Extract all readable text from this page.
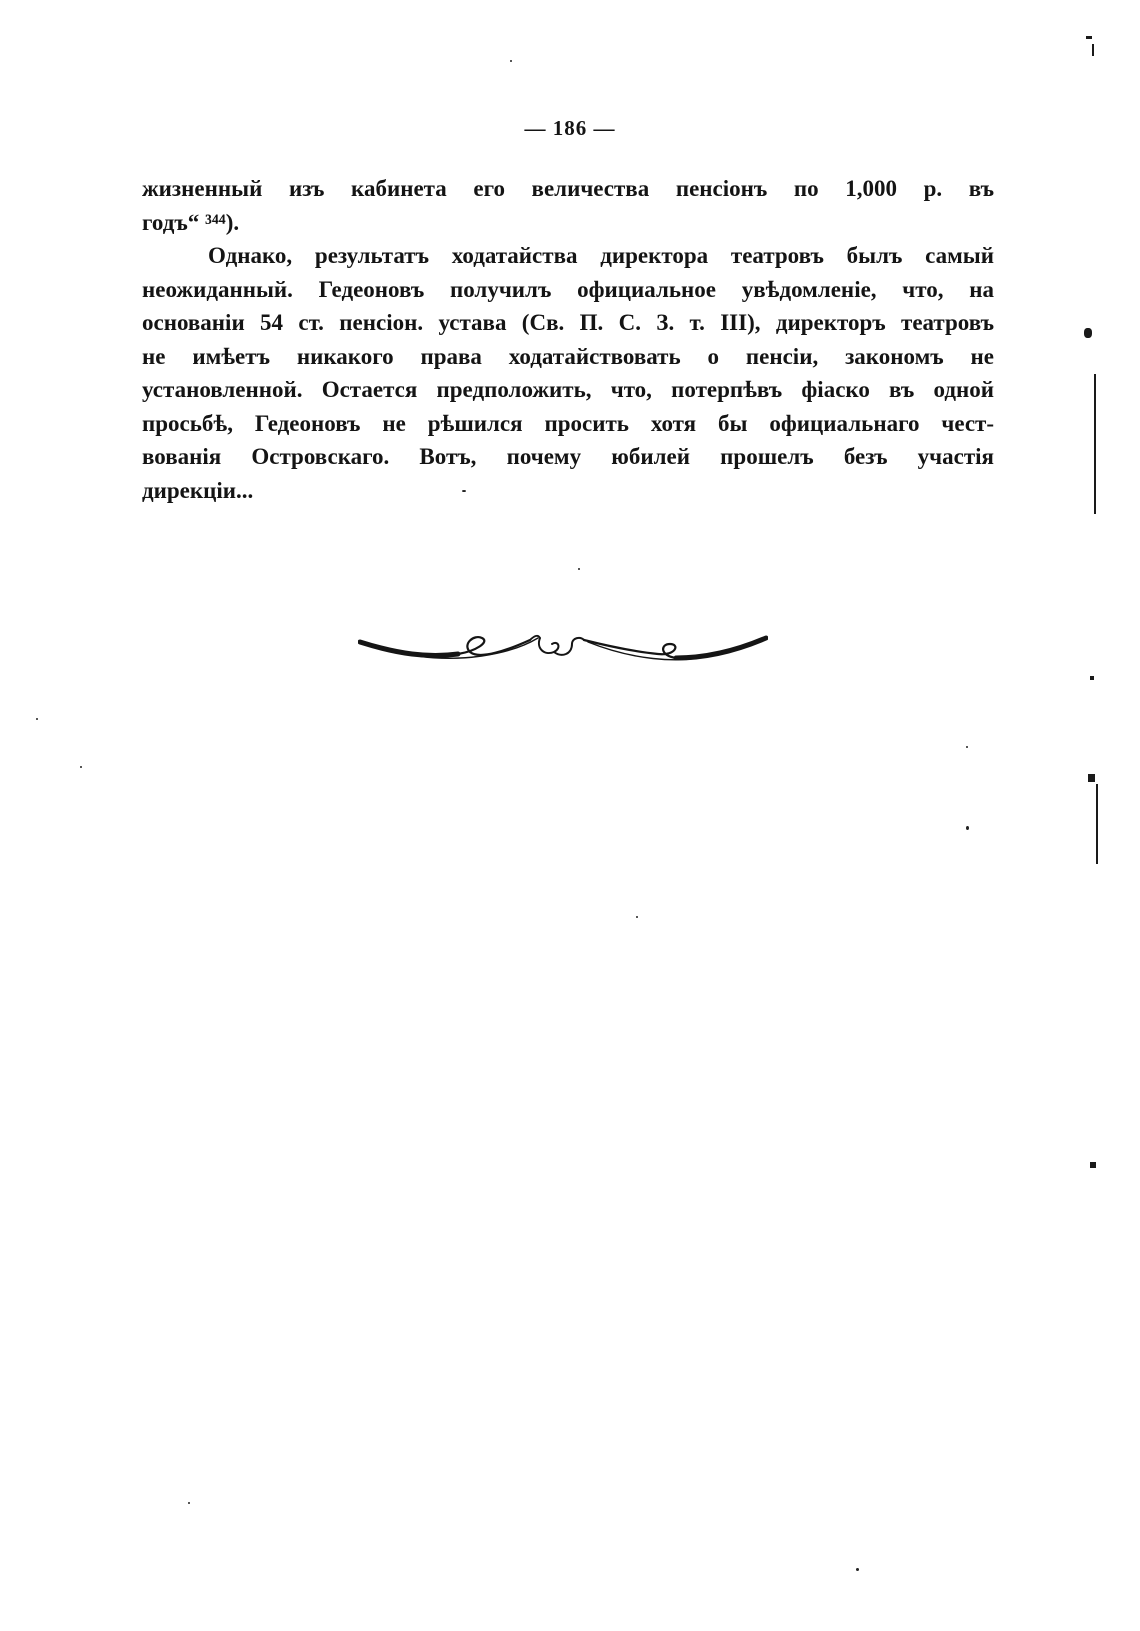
— 186 —
жизненный изъ кабинета его величества пенсіонъ по 1,000 р. въ
годъ“ ³⁴⁴).
Однако, результатъ ходатайства директора театровъ былъ самый
неожиданный. Гедеоновъ получилъ официальное увѣдомленіе, что, на
основаніи 54 ст. пенсіон. устава (Св. П. С. З. т. III), директоръ театровъ
не имѣетъ никакого права ходатайствовать о пенсіи, закономъ не
установленной. Остается предположить, что, потерпѣвъ фіаско въ одной
просьбѣ, Гедеоновъ не рѣшился просить хотя бы официальнаго чест-
вованія Островскаго. Вотъ, почему юбилей прошелъ безъ участія
дирекціи...
